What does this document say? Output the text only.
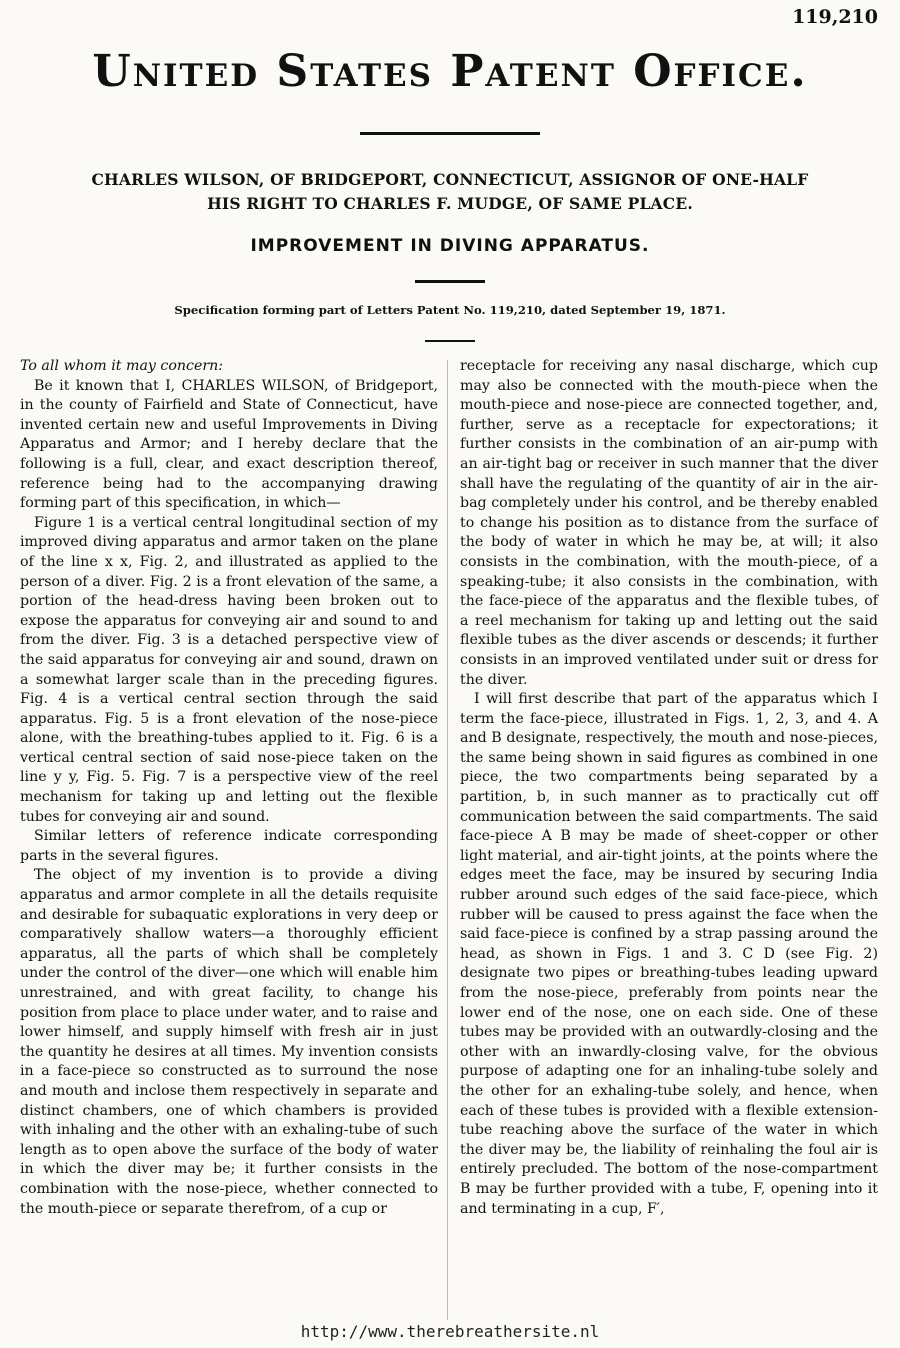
119,210
United States Patent Office.
CHARLES WILSON, OF BRIDGEPORT, CONNECTICUT, ASSIGNOR OF ONE-HALF
HIS RIGHT TO CHARLES F. MUDGE, OF SAME PLACE.
IMPROVEMENT IN DIVING APPARATUS.
Specification forming part of Letters Patent No. 119,210, dated September 19, 1871.

To all whom it may concern:

Be it known that I, CHARLES WILSON, of Bridgeport, in the county of Fairfield and State of Connecticut, have invented certain new and useful Improvements in Diving Apparatus and Armor; and I hereby declare that the following is a full, clear, and exact description thereof, reference being had to the accompanying drawing forming part of this specification, in which—

Figure 1 is a vertical central longitudinal section of my improved diving apparatus and armor taken on the plane of the line x x, Fig. 2, and illustrated as applied to the person of a diver. Fig. 2 is a front elevation of the same, a portion of the head-dress having been broken out to expose the apparatus for conveying air and sound to and from the diver. Fig. 3 is a detached perspective view of the said apparatus for conveying air and sound, drawn on a somewhat larger scale than in the preceding figures. Fig. 4 is a vertical central section through the said apparatus. Fig. 5 is a front elevation of the nose-piece alone, with the breathing-tubes applied to it. Fig. 6 is a vertical central section of said nose-piece taken on the line y y, Fig. 5. Fig. 7 is a perspective view of the reel mechanism for taking up and letting out the flexible tubes for conveying air and sound.

Similar letters of reference indicate corresponding parts in the several figures.

The object of my invention is to provide a diving apparatus and armor complete in all the details requisite and desirable for subaquatic explorations in very deep or comparatively shallow waters—a thoroughly efficient apparatus, all the parts of which shall be completely under the control of the diver—one which will enable him unrestrained, and with great facility, to change his position from place to place under water, and to raise and lower himself, and supply himself with fresh air in just the quantity he desires at all times. My invention consists in a face-piece so constructed as to surround the nose and mouth and inclose them respectively in separate and distinct chambers, one of which chambers is provided with inhaling and the other with an exhaling-tube of such length as to open above the surface of the body of water in which the diver may be; it further consists in the combination with the nose-piece, whether connected to the mouth-piece or separate therefrom, of a cup or

receptacle for receiving any nasal discharge, which cup may also be connected with the mouth-piece when the mouth-piece and nose-piece are connected together, and, further, serve as a receptacle for expectorations; it further consists in the combination of an air-pump with an air-tight bag or receiver in such manner that the diver shall have the regulating of the quantity of air in the air-bag completely under his control, and be thereby enabled to change his position as to distance from the surface of the body of water in which he may be, at will; it also consists in the combination, with the mouth-piece, of a speaking-tube; it also consists in the combination, with the face-piece of the apparatus and the flexible tubes, of a reel mechanism for taking up and letting out the said flexible tubes as the diver ascends or descends; it further consists in an improved ventilated under suit or dress for the diver.

I will first describe that part of the apparatus which I term the face-piece, illustrated in Figs. 1, 2, 3, and 4. A and B designate, respectively, the mouth and nose-pieces, the same being shown in said figures as combined in one piece, the two compartments being separated by a partition, b, in such manner as to practically cut off communication between the said compartments. The said face-piece A B may be made of sheet-copper or other light material, and air-tight joints, at the points where the edges meet the face, may be insured by securing India rubber around such edges of the said face-piece, which rubber will be caused to press against the face when the said face-piece is confined by a strap passing around the head, as shown in Figs. 1 and 3. C D (see Fig. 2) designate two pipes or breathing-tubes leading upward from the nose-piece, preferably from points near the lower end of the nose, one on each side. One of these tubes may be provided with an outwardly-closing and the other with an inwardly-closing valve, for the obvious purpose of adapting one for an inhaling-tube solely and the other for an exhaling-tube solely, and hence, when each of these tubes is provided with a flexible extension-tube reaching above the surface of the water in which the diver may be, the liability of reinhaling the foul air is entirely precluded. The bottom of the nose-compartment B may be further provided with a tube, F, opening into it and terminating in a cup, F′,

http://www.therebreathersite.nl
